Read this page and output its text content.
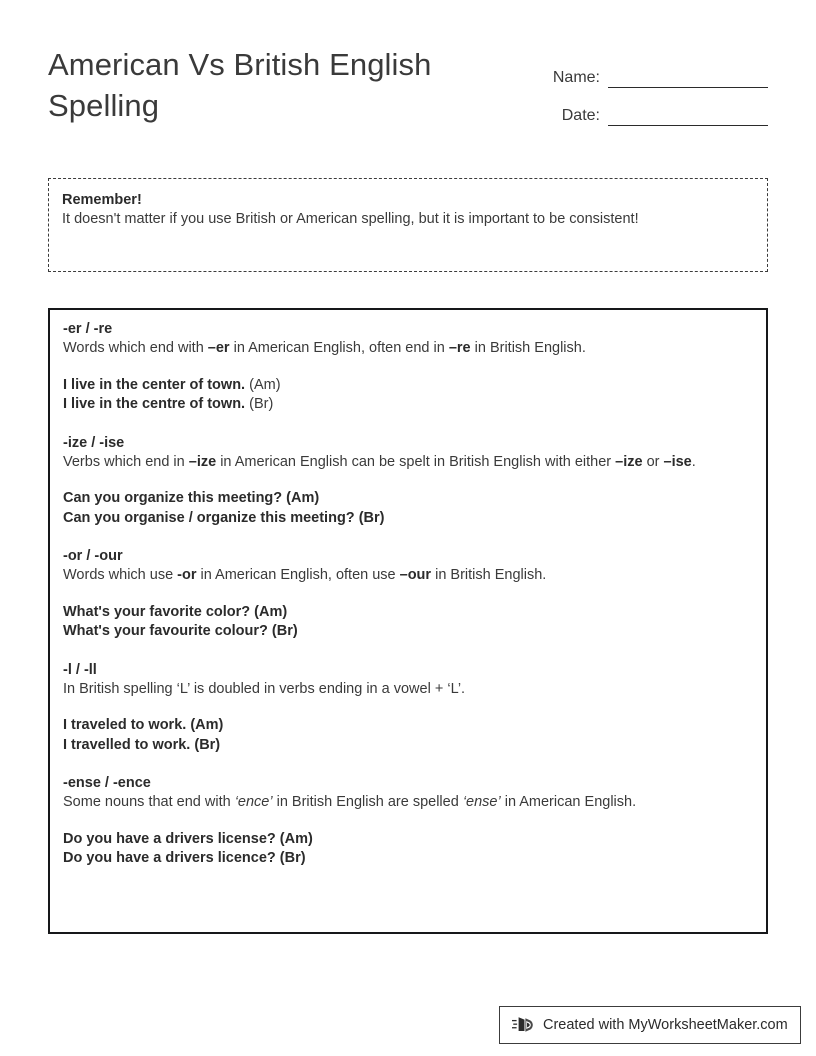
American Vs British English Spelling
Name:
Date:
Remember!
It doesn't matter if you use British or American spelling, but it is important to be consistent!
-er / -re
Words which end with –er in American English, often end in –re in British English.
I live in the center of town. (Am)
I live in the centre of town. (Br)
-ize / -ise
Verbs which end in –ize in American English can be spelt in British English with either –ize or –ise.
Can you organize this meeting? (Am)
Can you organise / organize this meeting? (Br)
-or / -our
Words which use -or in American English, often use –our in British English.
What's your favorite color? (Am)
What's your favourite colour? (Br)
-l / -ll
In British spelling ‘L’ is doubled in verbs ending in a vowel + ‘L’.
I traveled to work. (Am)
I travelled to work. (Br)
-ense / -ence
Some nouns that end with ‘ence’ in British English are spelled ‘ense’ in American English.
Do you have a drivers license? (Am)
Do you have a drivers licence? (Br)
Created with MyWorksheetMaker.com
